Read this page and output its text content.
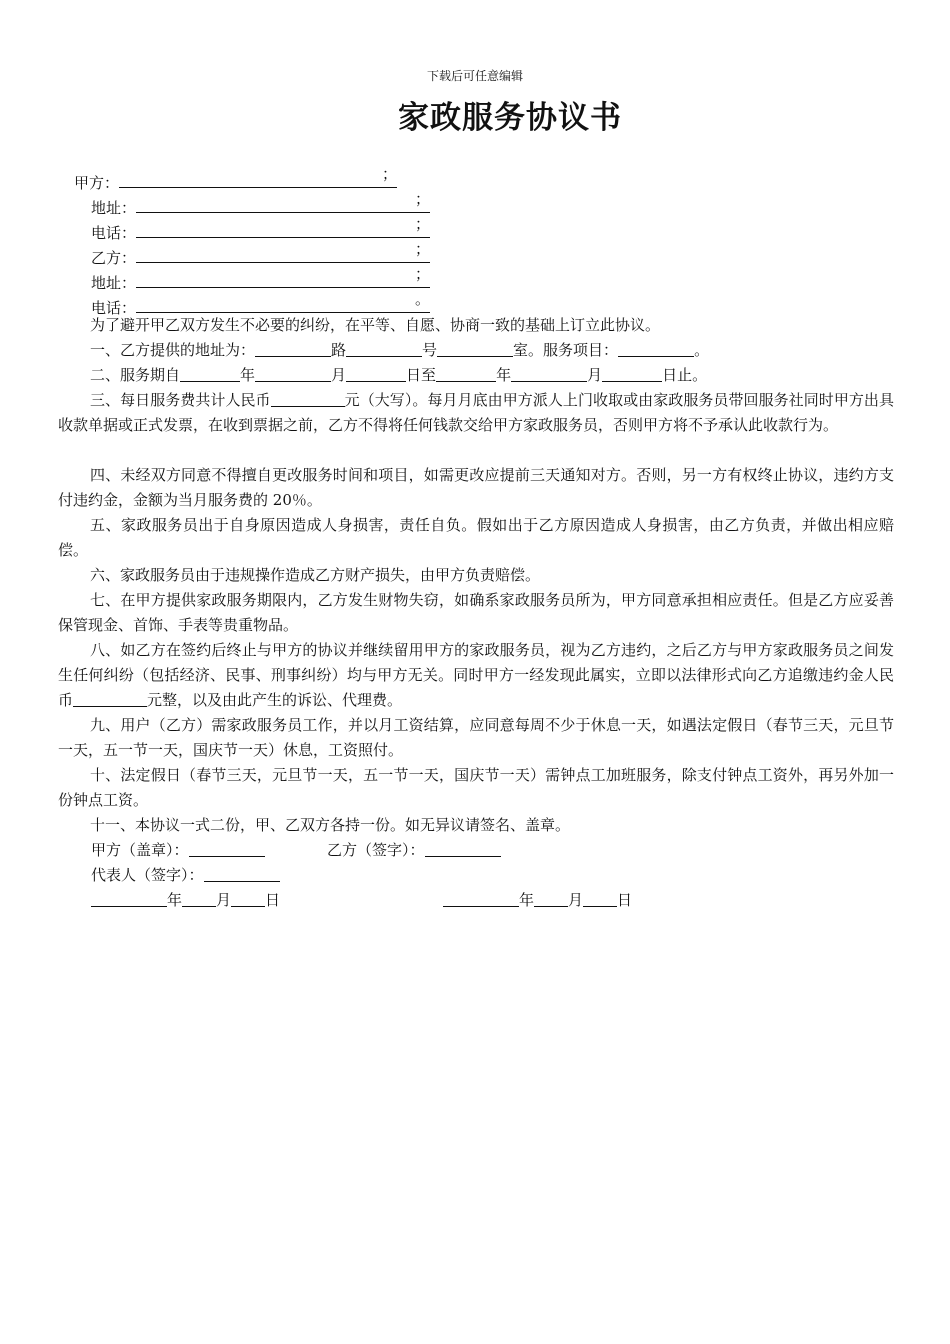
下载后可任意编辑
家政服务协议书
甲方：	；
地址：	；
电话：	；
乙方：	；
地址：	；
电话：	。
为了避开甲乙双方发生不必要的纠纷，在平等、自愿、协商一致的基础上订立此协议。
一、乙方提供的地址为：	路	号	室。服务项目：	。
二、服务期自	年	月	日至	年	月	日止。
三、每日服务费共计人民币	元（大写）。每月月底由甲方派人上门收取或由家政服务员带回服务社同时甲方出具收款单据或正式发票，在收到票据之前，乙方不得将任何钱款交给甲方家政服务员，否则甲方将不予承认此收款行为。
四、未经双方同意不得擅自更改服务时间和项目，如需更改应提前三天通知对方。否则，另一方有权终止协议，违约方支付违约金，金额为当月服务费的 20％。
五、家政服务员出于自身原因造成人身损害，责任自负。假如出于乙方原因造成人身损害，由乙方负责，并做出相应赔偿。
六、家政服务员由于违规操作造成乙方财产损失，由甲方负责赔偿。
七、在甲方提供家政服务期限内，乙方发生财物失窃，如确系家政服务员所为，甲方同意承担相应责任。但是乙方应妥善保管现金、首饰、手表等贵重物品。
八、如乙方在签约后终止与甲方的协议并继续留用甲方的家政服务员，视为乙方违约，之后乙方与甲方家政服务员之间发生任何纠纷（包括经济、民事、刑事纠纷）均与甲方无关。同时甲方一经发现此属实，立即以法律形式向乙方追缴违约金人民币	元整，以及由此产生的诉讼、代理费。
九、用户（乙方）需家政服务员工作，并以月工资结算，应同意每周不少于休息一天，如遇法定假日（春节三天，元旦节一天，五一节一天，国庆节一天）休息，工资照付。
十、法定假日（春节三天，元旦节一天，五一节一天，国庆节一天）需钟点工加班服务，除支付钟点工资外，再另外加一份钟点工资。
十一、本协议一式二份，甲、乙双方各持一份。如无异议请签名、盖章。
甲方（盖章）：	乙方（签字）：
代表人（签字）：
年 月 日	年 月 日
